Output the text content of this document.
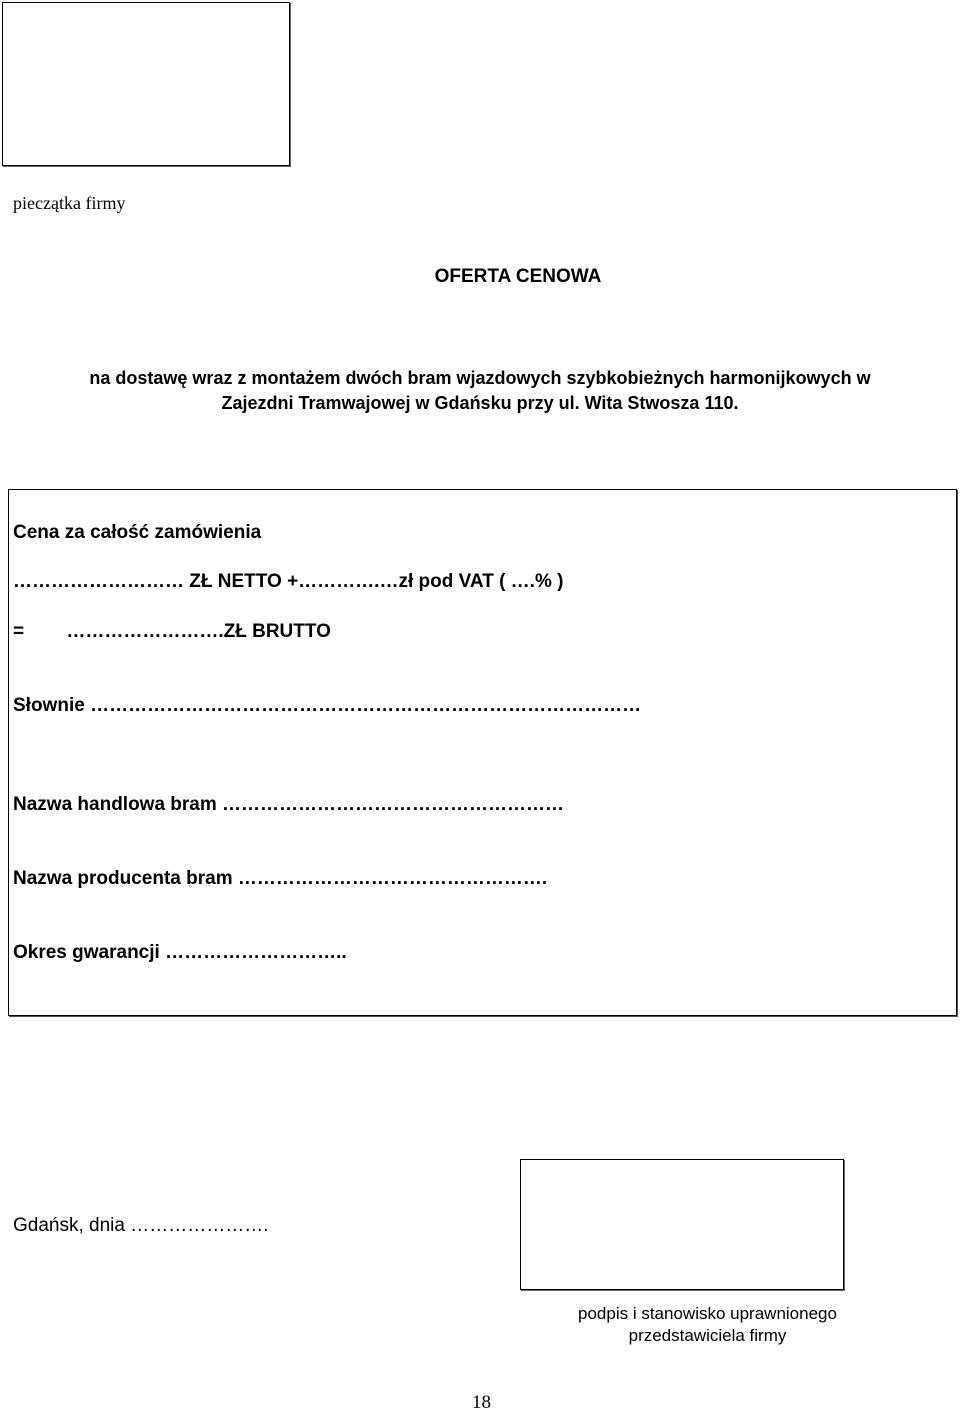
pieczątka firmy
OFERTA CENOWA
na dostawę wraz z montażem dwóch bram wjazdowych szybkobieżnych harmonijkowych w
Zajezdni Tramwajowej w Gdańsku przy ul. Wita Stwosza 110.
Cena za całość zamówienia
……………………… ZŁ NETTO +………….…zł pod VAT ( ….% )
=        …………………….ZŁ BRUTTO
Słownie ……………………………………………………………………………
Nazwa handlowa bram ………………………………………………
Nazwa producenta bram ………………………………………….
Okres gwarancji ………………………..
Gdańsk, dnia ………………….
podpis i stanowisko uprawnionego
przedstawiciela firmy
18
